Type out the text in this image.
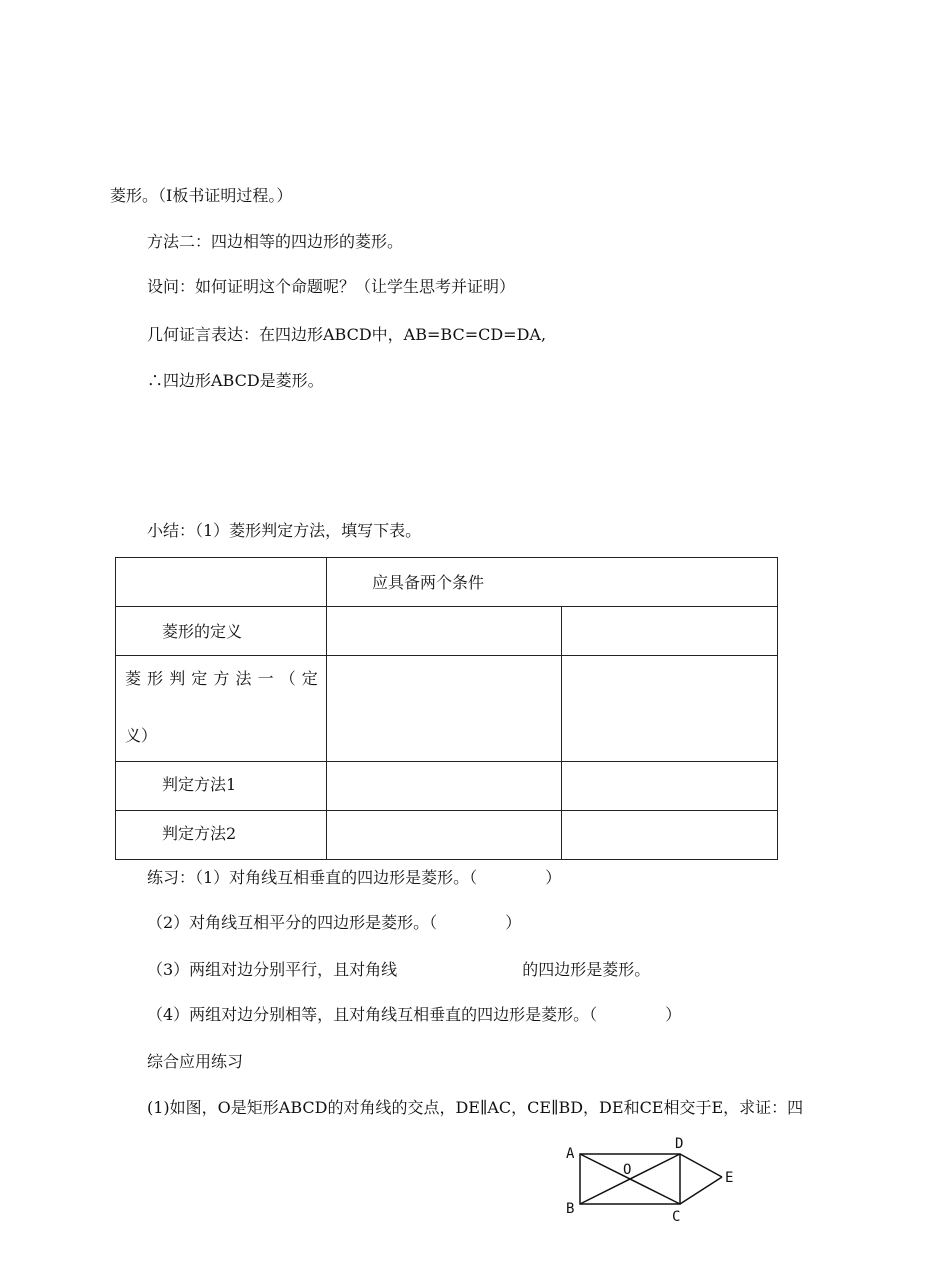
菱形。（I板书证明过程。）
方法二：四边相等的四边形的菱形。
设问：如何证明这个命题呢？（让学生思考并证明）
几何证言表达：在四边形ABCD中，AB=BC=CD=DA,
∴四边形ABCD是菱形。
小结：（1）菱形判定方法，填写下表。

	应具备两个条件	

菱形的定义		

菱形判定方法一（定
义）		

判定方法1		

判定方法2		

练习：（1）对角线互相垂直的四边形是菱形。（	）
（2）对角线互相平分的四边形是菱形。（	）
（3）两组对边分别平行，且对角线	的四边形是菱形。
（4）两组对边分别相等，且对角线互相垂直的四边形是菱形。（	）
综合应用练习
(1)如图，O是矩形ABCD的对角线的交点，DE∥AC，CE∥BD，DE和CE相交于E，求证：四
A
B	C
D
E
O
